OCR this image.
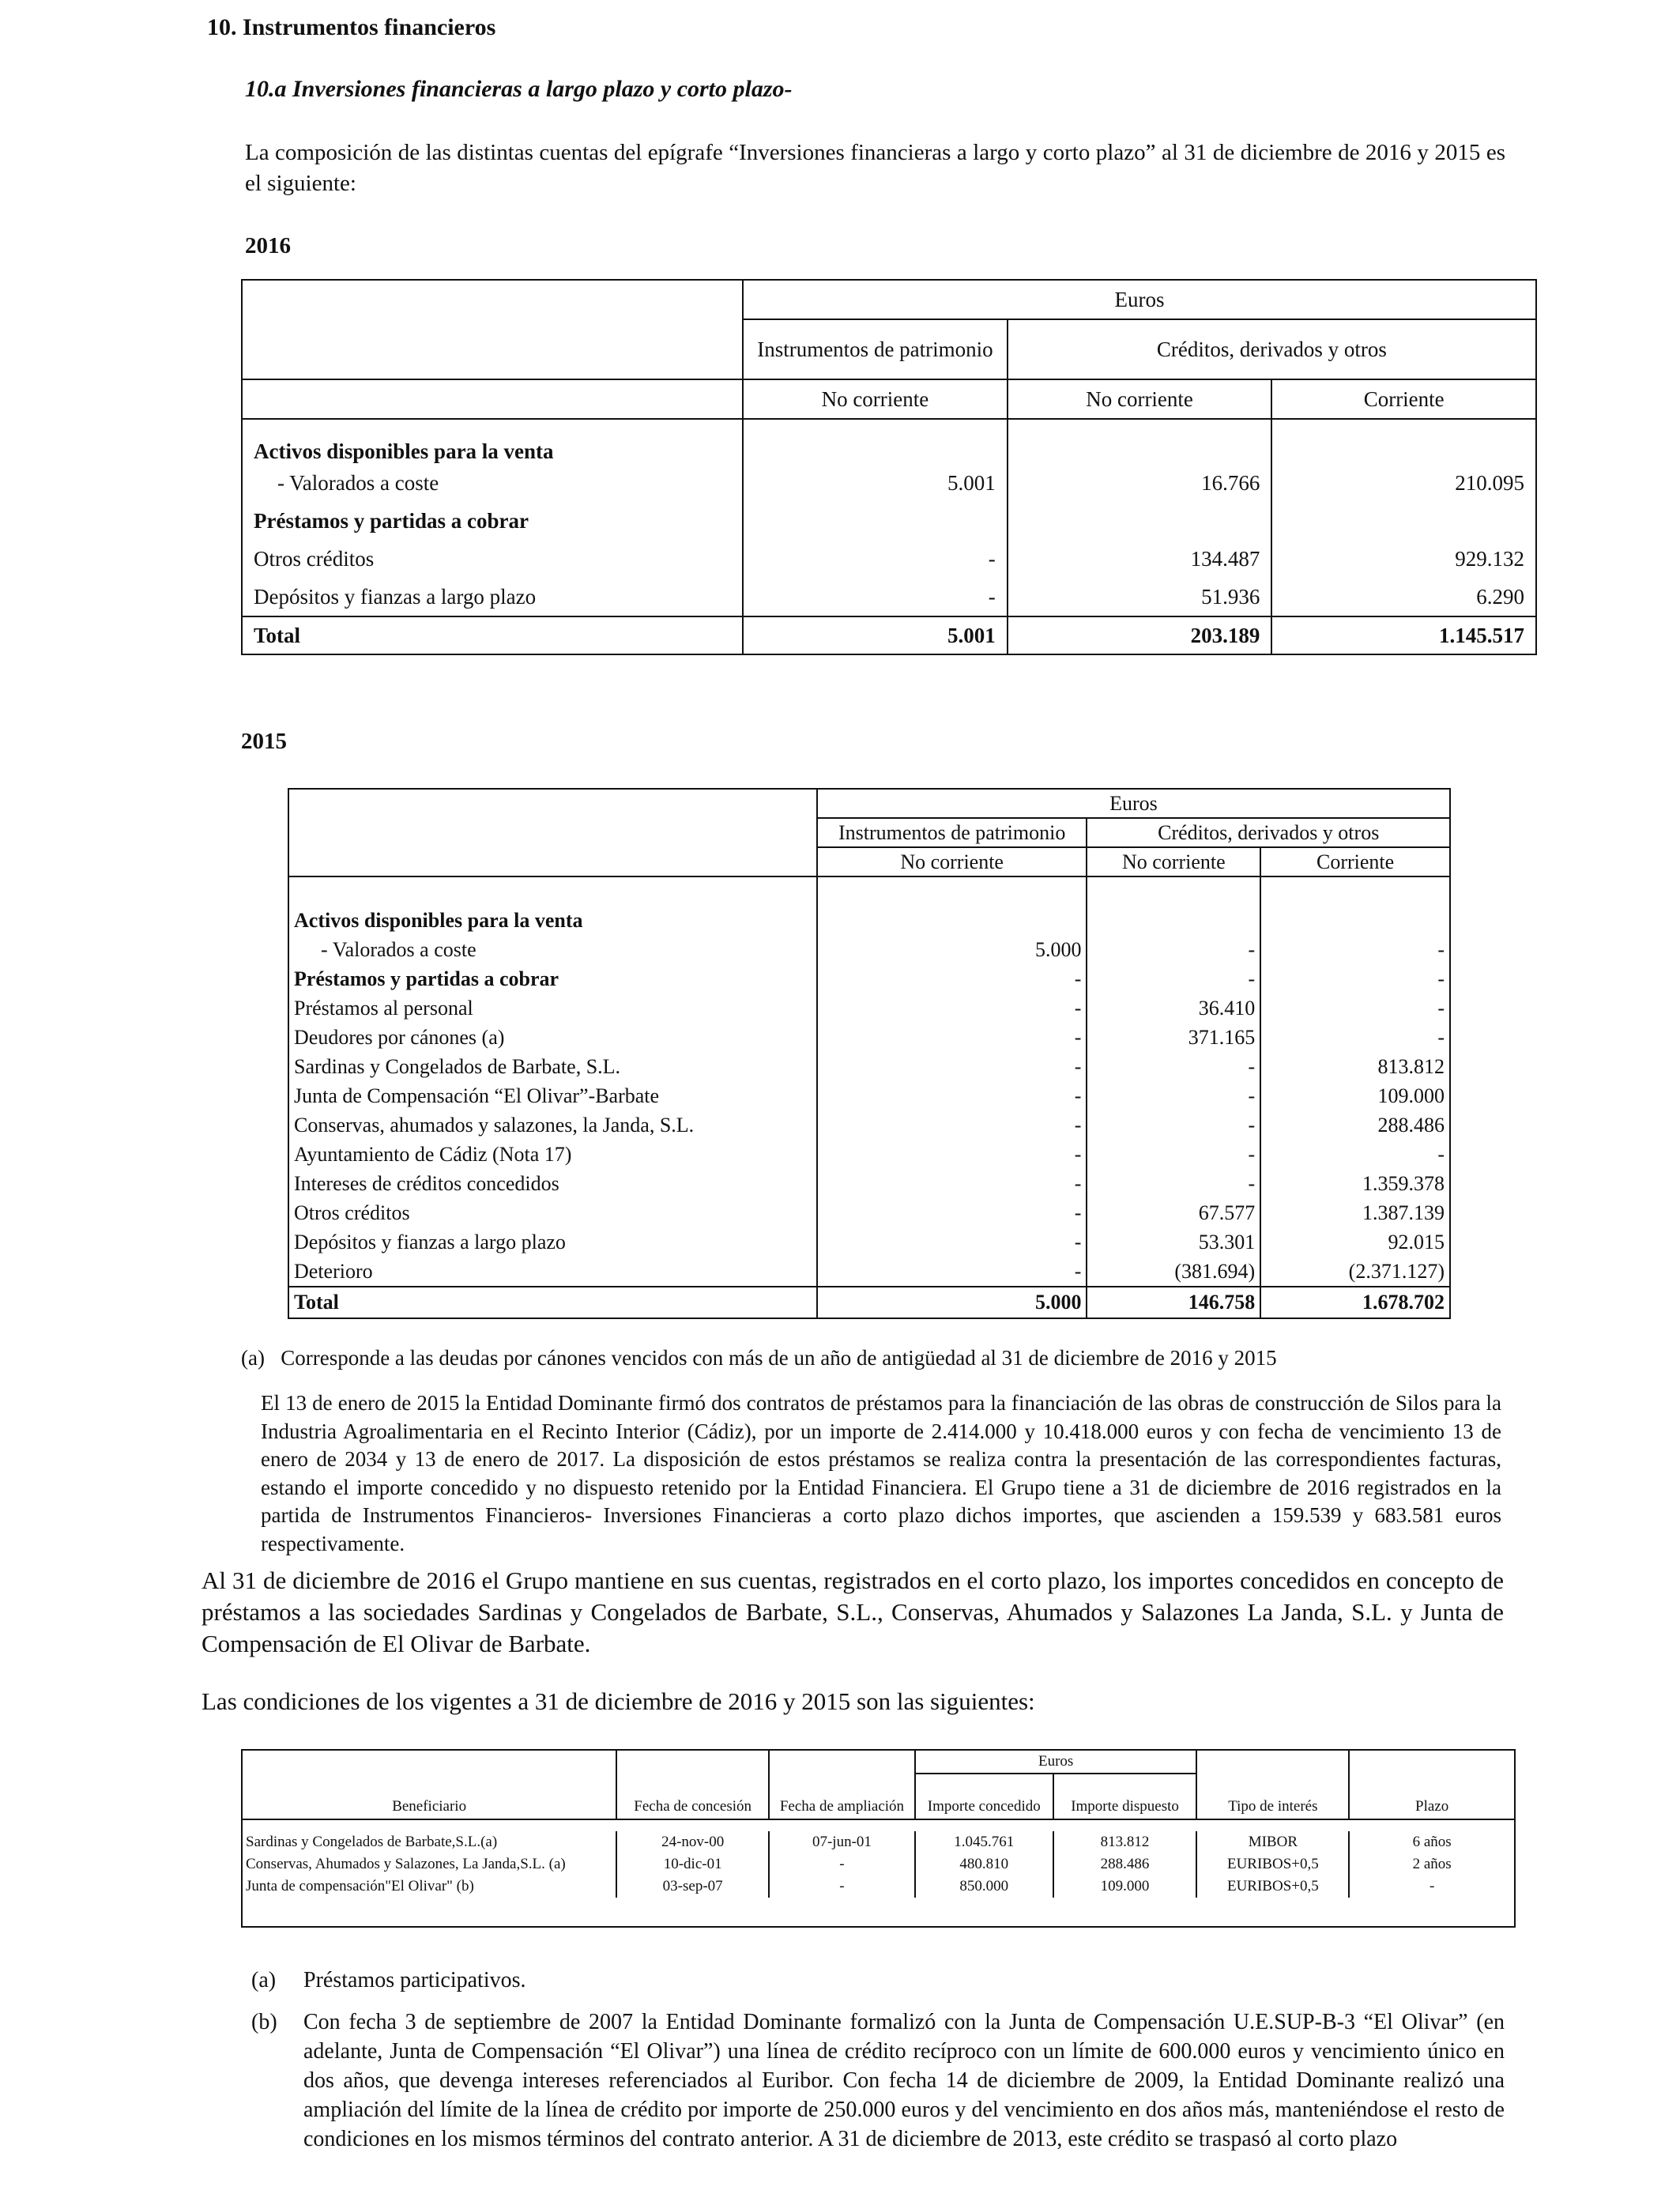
10. Instrumentos financieros
10.a Inversiones financieras a largo plazo y corto plazo-
La composición de las distintas cuentas del epígrafe “Inversiones financieras a largo y corto plazo” al 31 de diciembre de 2016 y 2015 es el siguiente:
2016
	Euros		
	Instrumentos de patrimonio	Créditos, derivados y otros	
	No corriente	No corriente	Corriente
Activos disponibles para la venta			
- Valorados a coste	5.001	16.766	210.095
Préstamos y partidas a cobrar			
Otros créditos	-	134.487	929.132
Depósitos y fianzas a largo plazo	-	51.936	6.290
Total	5.001	203.189	1.145.517
2015
	Euros		
	Instrumentos de patrimonio	Créditos, derivados y otros	
	No corriente	No corriente	Corriente

Activos disponibles para la venta			
- Valorados a coste	5.000	-	-
Préstamos y partidas a cobrar	-	-	-
Préstamos al personal	-	36.410	-
Deudores por cánones (a)	-	371.165	-
Sardinas y Congelados de Barbate, S.L.	-	-	813.812
Junta de Compensación “El Olivar”-Barbate	-	-	109.000
Conservas, ahumados y salazones, la Janda, S.L.	-	-	288.486
Ayuntamiento de Cádiz (Nota 17)	-	-	-
Intereses de créditos concedidos	-	-	1.359.378
Otros créditos	-	67.577	1.387.139
Depósitos y fianzas a largo plazo	-	53.301	92.015
Deterioro	-	(381.694)	(2.371.127)
Total	5.000	146.758	1.678.702
(a) Corresponde a las deudas por cánones vencidos con más de un año de antigüedad al 31 de diciembre de 2016 y 2015
El 13 de enero de 2015 la Entidad Dominante firmó dos contratos de préstamos para la financiación de las obras de construcción de Silos para la Industria Agroalimentaria en el Recinto Interior (Cádiz), por un importe de 2.414.000 y 10.418.000 euros y con fecha de vencimiento 13 de enero de 2034 y 13 de enero de 2017. La disposición de estos préstamos se realiza contra la presentación de las correspondientes facturas, estando el importe concedido y no dispuesto retenido por la Entidad Financiera. El Grupo tiene a 31 de diciembre de 2016 registrados en la partida de Instrumentos Financieros- Inversiones Financieras a corto plazo dichos importes, que ascienden a 159.539 y 683.581 euros respectivamente.
Al 31 de diciembre de 2016 el Grupo mantiene en sus cuentas, registrados en el corto plazo, los importes concedidos en concepto de préstamos a las sociedades Sardinas y Congelados de Barbate, S.L., Conservas, Ahumados y Salazones La Janda, S.L. y Junta de Compensación de El Olivar de Barbate.
Las condiciones de los vigentes a 31 de diciembre de 2016 y 2015 son las siguientes:
Beneficiario	Fecha de concesión	Fecha de ampliación	Euros		Tipo de interés	Plazo
			Importe concedido	Importe dispuesto		

Sardinas y Congelados de Barbate,S.L.(a)	24-nov-00	07-jun-01	1.045.761	813.812	MIBOR	6 años
Conservas, Ahumados y Salazones, La Janda,S.L. (a)	10-dic-01	-	480.810	288.486	EURIBOS+0,5	2 años
Junta de compensación"El Olivar" (b)	03-sep-07	-	850.000	109.000	EURIBOS+0,5	-

(a) Préstamos participativos.
(b) Con fecha 3 de septiembre de 2007 la Entidad Dominante formalizó con la Junta de Compensación U.E.SUP-B-3 “El Olivar” (en adelante, Junta de Compensación “El Olivar”) una línea de crédito recíproco con un límite de 600.000 euros y vencimiento único en dos años, que devenga intereses referenciados al Euribor. Con fecha 14 de diciembre de 2009, la Entidad Dominante realizó una ampliación del límite de la línea de crédito por importe de 250.000 euros y del vencimiento en dos años más, manteniéndose el resto de condiciones en los mismos términos del contrato anterior. A 31 de diciembre de 2013, este crédito se traspasó al corto plazo
